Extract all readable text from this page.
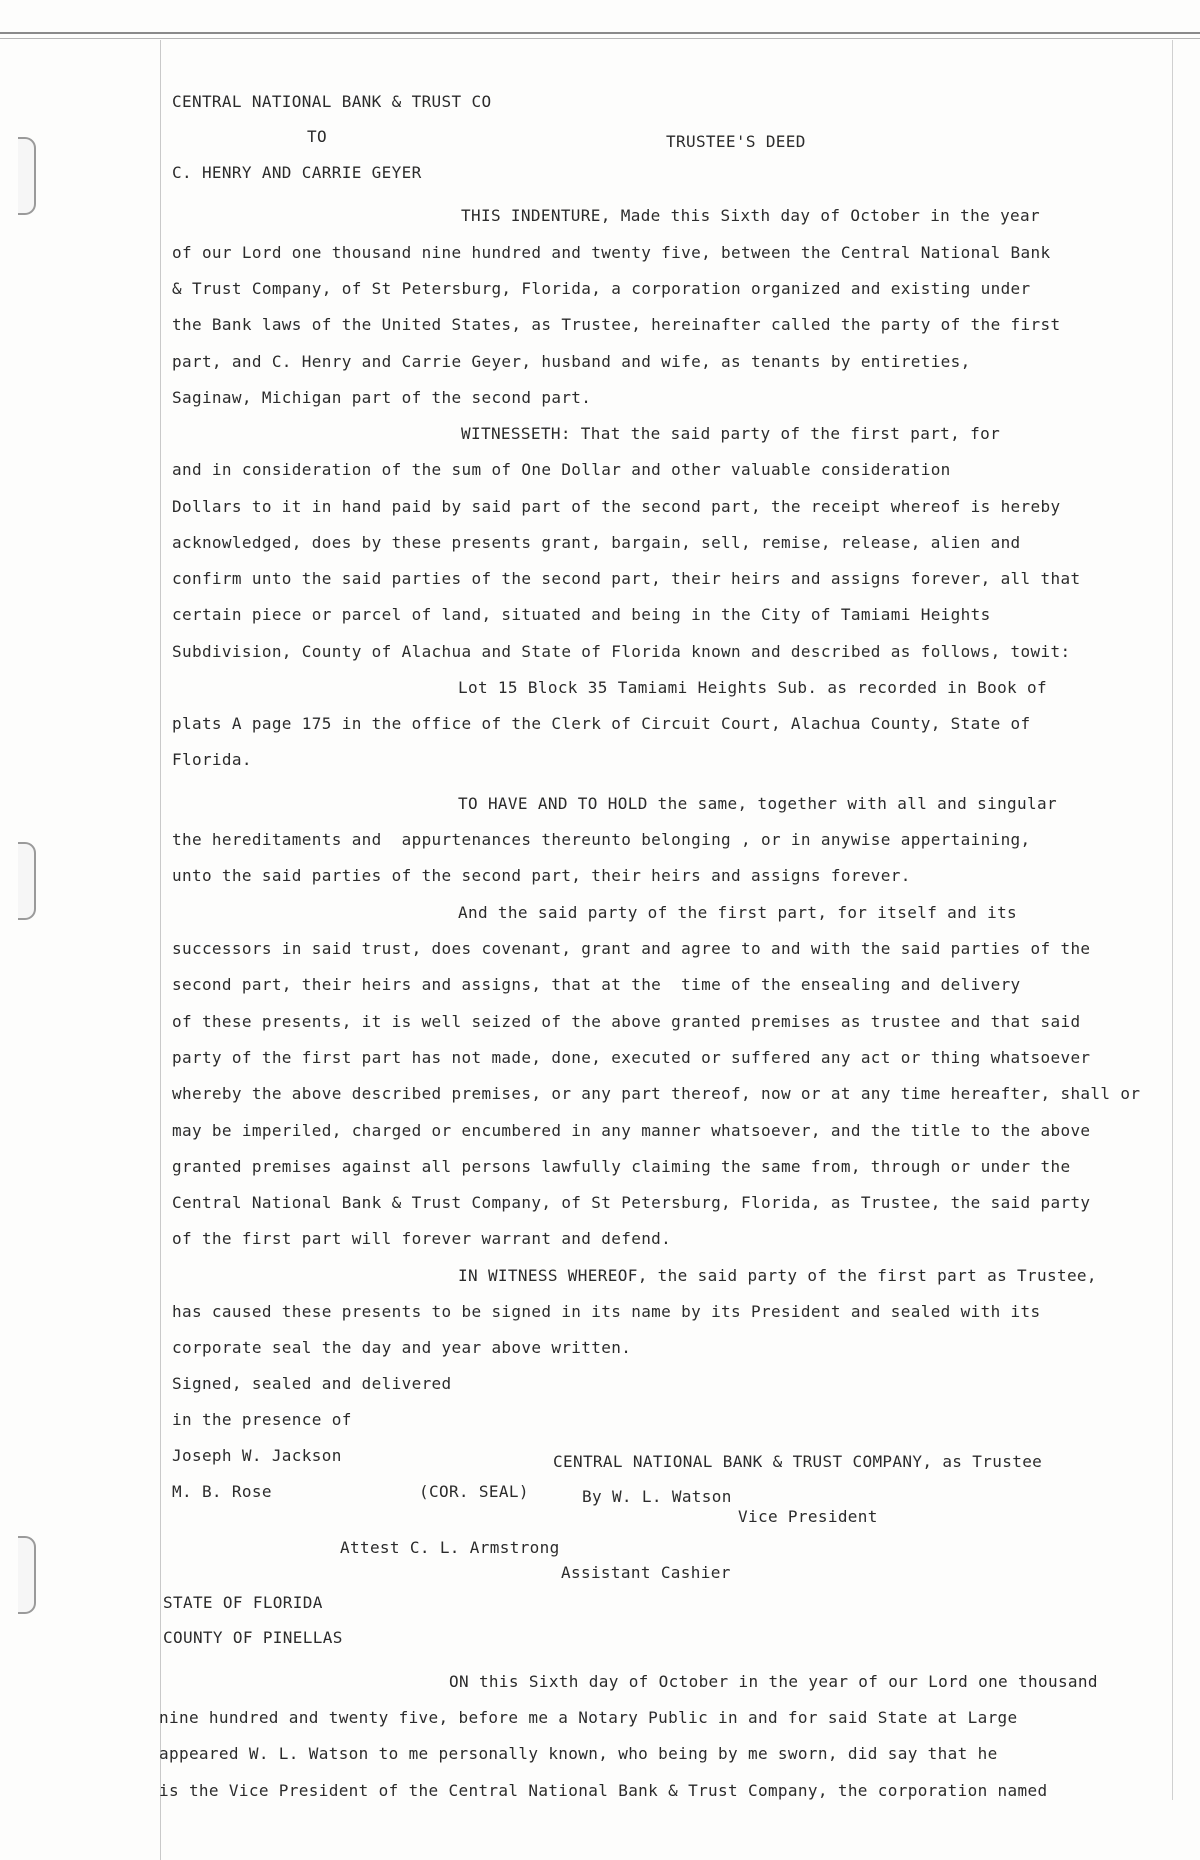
CENTRAL NATIONAL BANK & TRUST CO

TO	TRUSTEE'S DEED

C. HENRY AND CARRIE GEYER

THIS INDENTURE, Made this Sixth day of October in the year

of our Lord one thousand nine hundred and twenty five, between the Central National Bank

& Trust Company, of St Petersburg, Florida, a corporation organized and existing under

the Bank laws of the United States, as Trustee, hereinafter called the party of the first

part, and C. Henry and Carrie Geyer, husband and wife, as tenants by entireties,

Saginaw, Michigan part of the second part.

WITNESSETH: That the said party of the first part, for

and in consideration of the sum of One Dollar and other valuable consideration

Dollars to it in hand paid by said part of the second part, the receipt whereof is hereby

acknowledged, does by these presents grant, bargain, sell, remise, release, alien and

confirm unto the said parties of the second part, their heirs and assigns forever, all that

certain piece or parcel of land, situated and being in the City of Tamiami Heights

Subdivision, County of Alachua and State of Florida known and described as follows, towit:

Lot 15 Block 35 Tamiami Heights Sub. as recorded in Book of

plats A page 175 in the office of the Clerk of Circuit Court, Alachua County, State of

Florida.

TO HAVE AND TO HOLD the same, together with all and singular

the hereditaments and  appurtenances thereunto belonging , or in anywise appertaining,

unto the said parties of the second part, their heirs and assigns forever.

And the said party of the first part, for itself and its

successors in said trust, does covenant, grant and agree to and with the said parties of the

second part, their heirs and assigns, that at the  time of the ensealing and delivery

of these presents, it is well seized of the above granted premises as trustee and that said

party of the first part has not made, done, executed or suffered any act or thing whatsoever

whereby the above described premises, or any part thereof, now or at any time hereafter, shall or

may be imperiled, charged or encumbered in any manner whatsoever, and the title to the above

granted premises against all persons lawfully claiming the same from, through or under the

Central National Bank & Trust Company, of St Petersburg, Florida, as Trustee, the said party

of the first part will forever warrant and defend.

IN WITNESS WHEREOF, the said party of the first part as Trustee,

has caused these presents to be signed in its name by its President and sealed with its

corporate seal the day and year above written.

Signed, sealed and delivered

in the presence of

Joseph W. Jackson	CENTRAL NATIONAL BANK & TRUST COMPANY, as Trustee

M. B. Rose	(COR. SEAL)	By W. L. Watson

Vice President

Attest C. L. Armstrong

Assistant Cashier

STATE OF FLORIDA

COUNTY OF PINELLAS

ON this Sixth day of October in the year of our Lord one thousand

nine hundred and twenty five, before me a Notary Public in and for said State at Large

appeared W. L. Watson to me personally known, who being by me sworn, did say that he

is the Vice President of the Central National Bank & Trust Company, the corporation named
